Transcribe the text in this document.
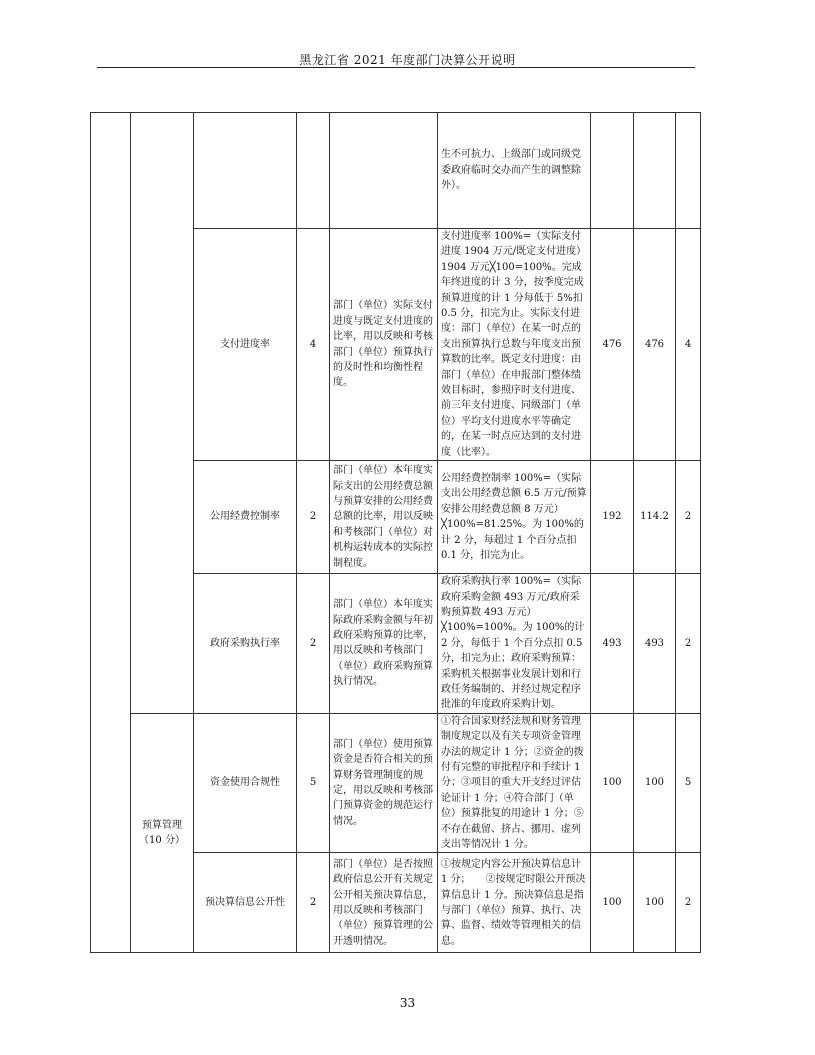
黑龙江省 2021 年度部门决算公开说明
					生不可抗力、上级部门或同级党委政府临时交办而产生的调整除外）。			
		支付进度率	4	部门（单位）实际支付进度与既定支付进度的比率，用以反映和考核部门（单位）预算执行的及时性和均衡性程度。	支付进度率 100%=（实际支付进度 1904 万元/既定支付进度）1904 万元╳100=100%。完成年终进度的计 3 分，按季度完成预算进度的计 1 分每低于 5%扣 0.5 分，扣完为止。实际支付进度：部门（单位）在某一时点的支出预算执行总数与年度支出预算数的比率。既定支付进度：由部门（单位）在申报部门整体绩效目标时，参照序时支付进度、前三年支付进度、同级部门（单位）平均支付进度水平等确定的，在某一时点应达到的支付进度（比率）。	476	476	4
		公用经费控制率	2	部门（单位）本年度实际支出的公用经费总额与预算安排的公用经费总额的比率，用以反映和考核部门（单位）对机构运转成本的实际控制程度。	公用经费控制率 100%=（实际支出公用经费总额 6.5 万元/预算安排公用经费总额 8 万元）╳100%=81.25%。为 100%的计 2 分，每超过 1 个百分点扣 0.1 分，扣完为止。	192	114.2	2
		政府采购执行率	2	部门（单位）本年度实际政府采购金额与年初政府采购预算的比率，用以反映和考核部门（单位）政府采购预算执行情况。	政府采购执行率 100%=（实际政府采购金额 493 万元/政府采购预算数 493 万元）╳100%=100%。为 100%的计 2 分，每低于 1 个百分点扣 0.5 分，扣完为止；政府采购预算：采购机关根据事业发展计划和行政任务编制的、并经过规定程序批准的年度政府采购计划。	493	493	2
	预算管理（10 分）	资金使用合规性	5	部门（单位）使用预算资金是否符合相关的预算财务管理制度的规定，用以反映和考核部门预算资金的规范运行情况。	①符合国家财经法规和财务管理制度规定以及有关专项资金管理办法的规定计 1 分；②资金的拨付有完整的审批程序和手续计 1 分；③项目的重大开支经过评估论证计 1 分；④符合部门（单位）预算批复的用途计 1 分；⑤不存在截留、挤占、挪用、虚列支出等情况计 1 分。	100	100	5
		预决算信息公开性	2	部门（单位）是否按照政府信息公开有关规定公开相关预决算信息，用以反映和考核部门（单位）预算管理的公开透明情况。	①按规定内容公开预决算信息计 1 分；　　②按规定时限公开预决算信息计 1 分。预决算信息是指与部门（单位）预算、执行、决算、监督、绩效等管理相关的信息。	100	100	2
33
